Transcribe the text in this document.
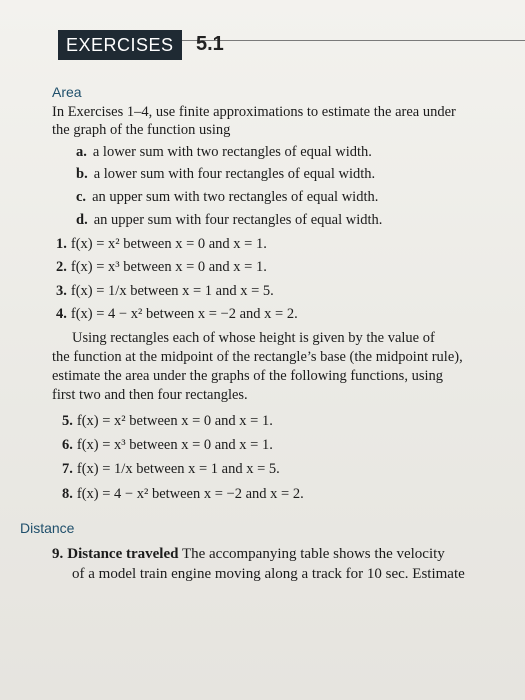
EXERCISES 5.1
Area
In Exercises 1–4, use finite approximations to estimate the area under
the graph of the function using
a. a lower sum with two rectangles of equal width.
b. a lower sum with four rectangles of equal width.
c. an upper sum with two rectangles of equal width.
d. an upper sum with four rectangles of equal width.
1. f(x) = x² between x = 0 and x = 1.
2. f(x) = x³ between x = 0 and x = 1.
3. f(x) = 1/x between x = 1 and x = 5.
4. f(x) = 4 − x² between x = −2 and x = 2.
Using rectangles each of whose height is given by the value of
the function at the midpoint of the rectangle’s base (the midpoint rule),
estimate the area under the graphs of the following functions, using
first two and then four rectangles.
5. f(x) = x² between x = 0 and x = 1.
6. f(x) = x³ between x = 0 and x = 1.
7. f(x) = 1/x between x = 1 and x = 5.
8. f(x) = 4 − x² between x = −2 and x = 2.
Distance
9. Distance traveled The accompanying table shows the velocity
of a model train engine moving along a track for 10 sec. Estimate
